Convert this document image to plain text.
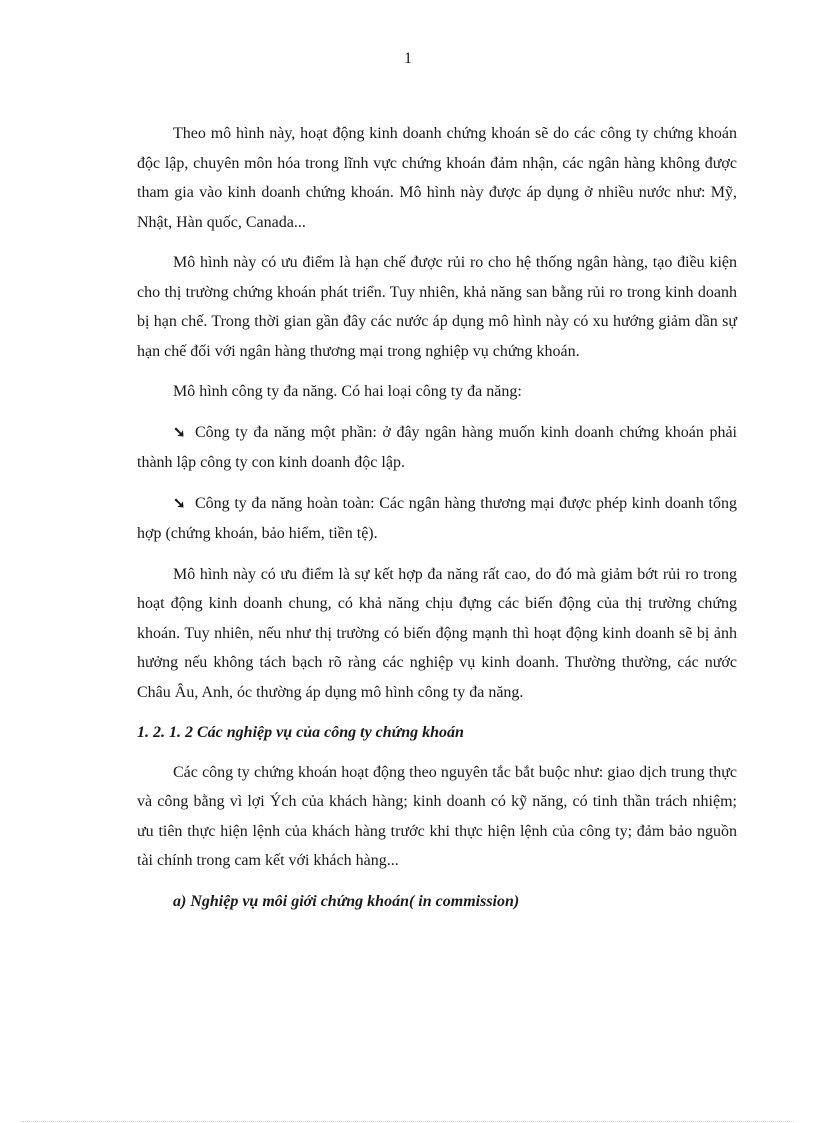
1

Theo mô hình này, hoạt động kinh doanh chứng khoán sẽ do các công ty chứng khoán độc lập, chuyên môn hóa trong lĩnh vực chứng khoán đảm nhận, các ngân hàng không được tham gia vào kinh doanh chứng khoán. Mô hình này được áp dụng ở nhiều nước như: Mỹ, Nhật, Hàn quốc, Canada...

Mô hình này có ưu điểm là hạn chế được rủi ro cho hệ thống ngân hàng, tạo điều kiện cho thị trường chứng khoán phát triển. Tuy nhiên, khả năng san bằng rủi ro trong kinh doanh bị hạn chế. Trong thời gian gần đây các nước áp dụng mô hình này có xu hướng giảm dần sự hạn chế đối với ngân hàng thương mại trong nghiệp vụ chứng khoán.

Mô hình công ty đa năng. Có hai loại công ty đa năng:

➘ Công ty đa năng một phần: ở đây ngân hàng muốn kinh doanh chứng khoán phải thành lập công ty con kinh doanh độc lập.

➘ Công ty đa năng hoàn toàn: Các ngân hàng thương mại được phép kinh doanh tổng hợp (chứng khoán, bảo hiểm, tiền tệ).

Mô hình này có ưu điểm là sự kết hợp đa năng rất cao, do đó mà giảm bớt rủi ro trong hoạt động kinh doanh chung, có khả năng chịu đựng các biến động của thị trường chứng khoán. Tuy nhiên, nếu như thị trường có biến động mạnh thì hoạt động kinh doanh sẽ bị ảnh hưởng nếu không tách bạch rõ ràng các nghiệp vụ kinh doanh. Thường thường, các nước Châu Âu, Anh, óc thường áp dụng mô hình công ty đa năng.

1. 2. 1. 2 Các nghiệp vụ của công ty chứng khoán

Các công ty chứng khoán hoạt động theo nguyên tắc bắt buộc như: giao dịch trung thực và công bằng vì lợi Ých của khách hàng; kinh doanh có kỹ năng, có tinh thần trách nhiệm; ưu tiên thực hiện lệnh của khách hàng trước khi thực hiện lệnh của công ty; đảm bảo nguồn tài chính trong cam kết với khách hàng...

a) Nghiệp vụ môi giới chứng khoán( in commission)
